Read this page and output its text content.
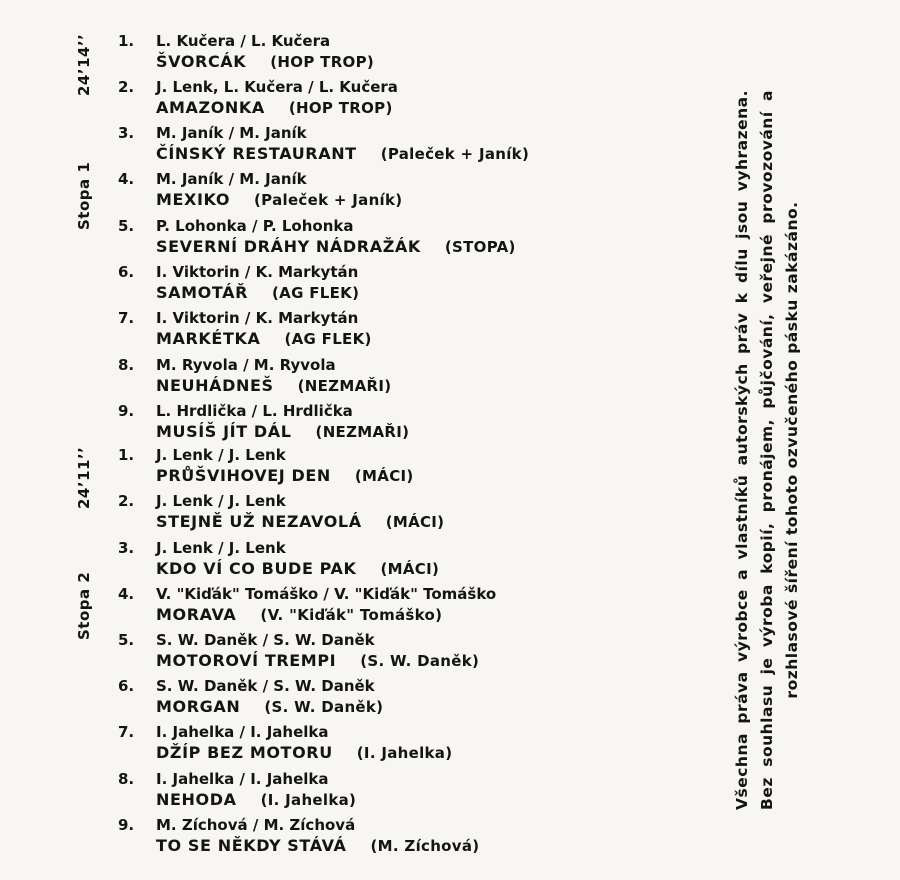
Stopa 1
24’14’’
Stopa 2
24’11’’
1. L. Kučera / L. Kučera
ŠVORCÁK (HOP TROP)
2. J. Lenk, L. Kučera / L. Kučera
AMAZONKA (HOP TROP)
3. M. Janík / M. Janík
ČÍNSKÝ RESTAURANT (Paleček + Janík)
4. M. Janík / M. Janík
MEXIKO (Paleček + Janík)
5. P. Lohonka / P. Lohonka
SEVERNÍ DRÁHY NÁDRAŽÁK (STOPA)
6. I. Viktorin / K. Markytán
SAMOTÁŘ (AG FLEK)
7. I. Viktorin / K. Markytán
MARKÉTKA (AG FLEK)
8. M. Ryvola / M. Ryvola
NEUHÁDNEŠ (NEZMAŘI)
9. L. Hrdlička / L. Hrdlička
MUSÍŠ JÍT DÁL (NEZMAŘI)
1. J. Lenk / J. Lenk
PRŮŠVIHOVEJ DEN (MÁCI)
2. J. Lenk / J. Lenk
STEJNĚ UŽ NEZAVOLÁ (MÁCI)
3. J. Lenk / J. Lenk
KDO VÍ CO BUDE PAK (MÁCI)
4. V. "Kiďák" Tomáško / V. "Kiďák" Tomáško
MORAVA (V. "Kiďák" Tomáško)
5. S. W. Daněk / S. W. Daněk
MOTOROVÍ TREMPI (S. W. Daněk)
6. S. W. Daněk / S. W. Daněk
MORGAN (S. W. Daněk)
7. I. Jahelka / I. Jahelka
DŽÍP BEZ MOTORU (I. Jahelka)
8. I. Jahelka / I. Jahelka
NEHODA (I. Jahelka)
9. M. Zíchová / M. Zíchová
TO SE NĚKDY STÁVÁ (M. Zíchová)
Všechna práva výrobce a vlastníků autorských práv k dílu jsou vyhrazena. Bez souhlasu je výroba kopií, pronájem, půjčování, veřejné provozování a rozhlasové šíření tohoto ozvučeného pásku zakázáno.
